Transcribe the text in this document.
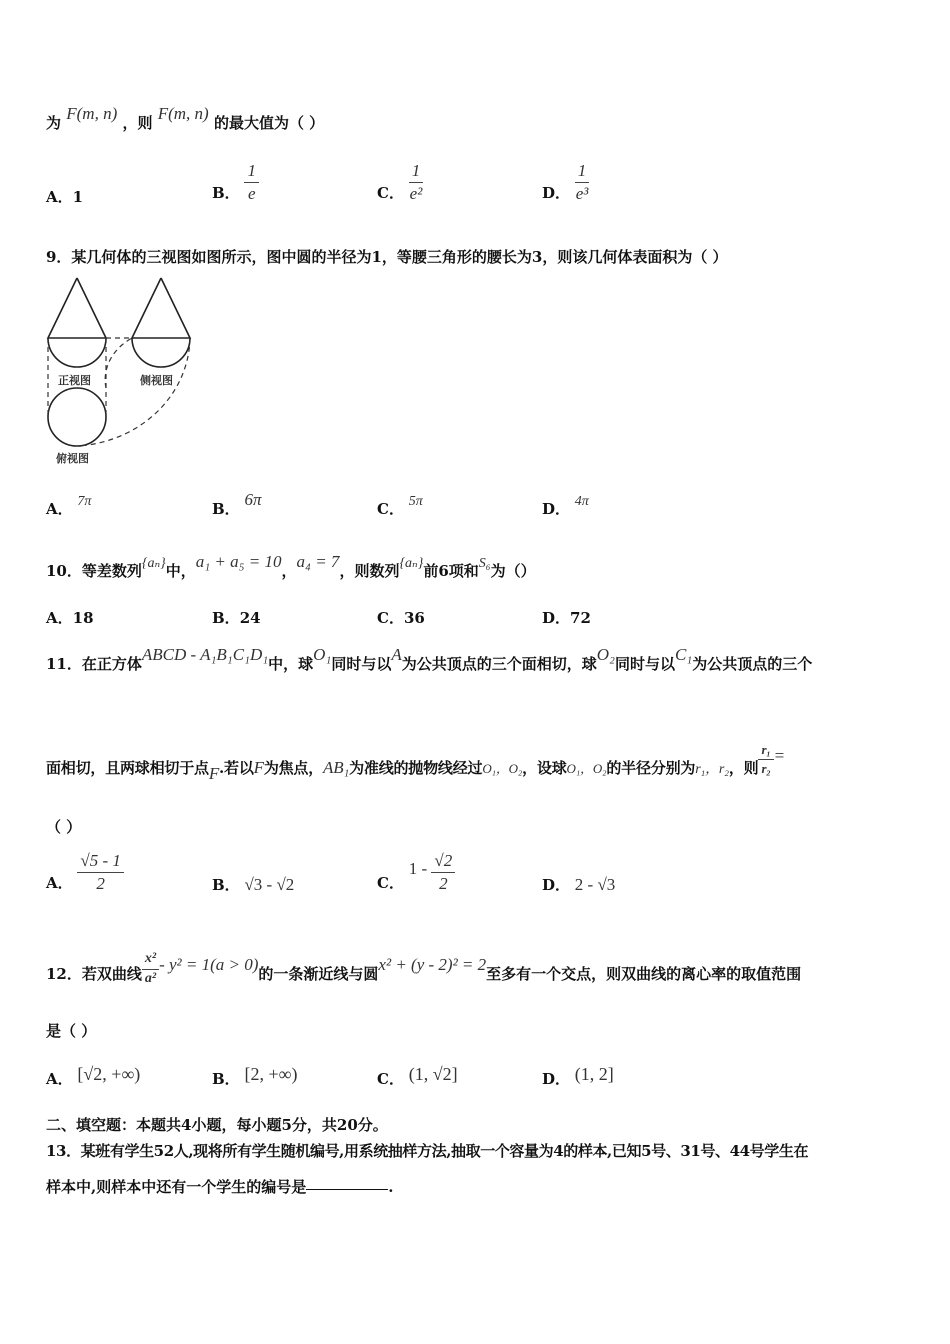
为 F(m, n) ，则 F(m, n) 的最大值为（ ）
A．1	B． $\frac{1}{e}$	C． $\frac{1}{\text{e²}}$	D． $\frac{1}{\text{e³}}$
9．某几何体的三视图如图所示，图中圆的半径为1，等腰三角形的腰长为3，则该几何体表面积为（ ）
正视图	侧视图
俯视图
A． 7π	B． 6π	C． 5π	D． 4π
10．等差数列{aₙ}中，a₁ + a₅ = 10，a₄ = 7，则数列{aₙ}前6项和S₆为（）
A．18	B．24	C．36	D．72
11．在正方体ABCD - A₁B₁C₁D₁中，球O₁同时与以A为公共顶点的三个面相切，球O₂同时与以C₁为公共顶点的三个
面相切，且两球相切于点F.若以F为焦点，AB₁为准线的抛物线经过O₁，O₂，设球O₁，O₂的半径分别为r₁，r₂，则 $\frac{\text{r₁}}{\text{r₂}}$ =
（ ）
A． $\frac{√5 - 1}{2}$	B． √3 - √2	C． $1 - \frac{√2}{2}$	D． 2 - √3
12．若双曲线 $\frac{\text{x²}}{\text{a²}} - y^2 = 1(a > 0)$的一条渐近线与圆x² + (y - 2)² = 2至多有一个交点，则双曲线的离心率的取值范围
是（ ）
A． [√2, +∞)	B． [2, +∞)	C． (1, √2]	D． (1, 2]
二、填空题：本题共4小题，每小题5分，共20分。
13．某班有学生52人,现将所有学生随机编号,用系统抽样方法,抽取一个容量为4的样本,已知5号、31号、44号学生在
样本中,则样本中还有一个学生的编号是	.
